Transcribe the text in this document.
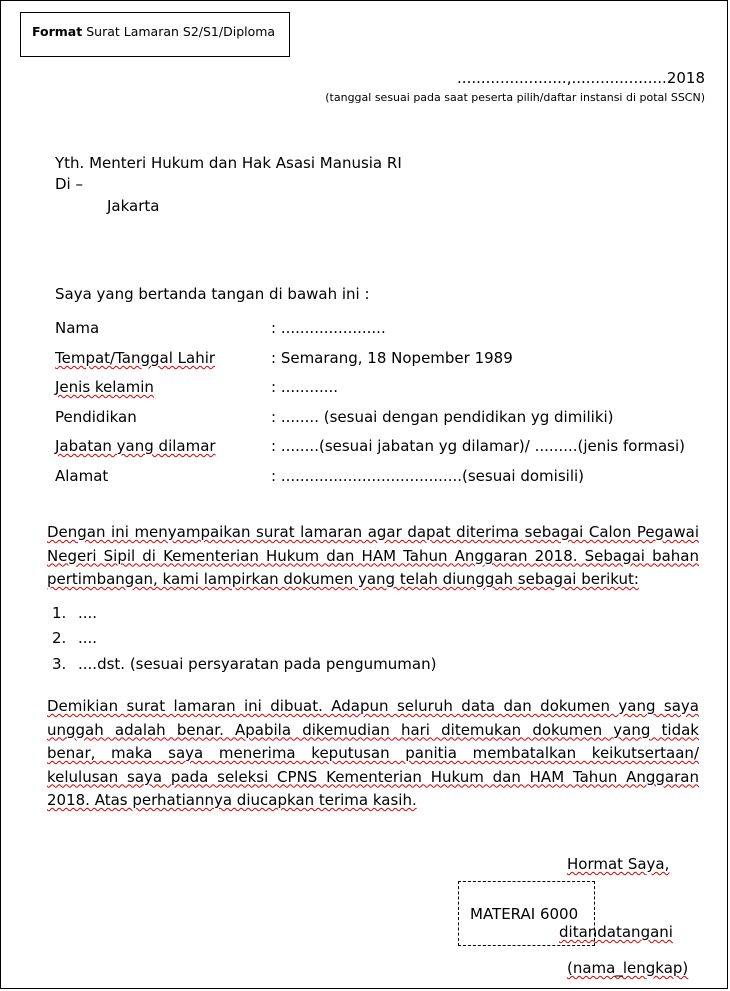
Format Surat Lamaran S2/S1/Diploma
.......................,....................2018
(tanggal sesuai pada saat peserta pilih/daftar instansi di potal SSCN)
Yth. Menteri Hukum dan Hak Asasi Manusia RI
Di –
Jakarta
Saya yang bertanda tangan di bawah ini :
Nama	: ......................
Tempat/Tanggal Lahir	: Semarang, 18 Nopember 1989
Jenis kelamin	: ............
Pendidikan	: ........ (sesuai dengan pendidikan yg dimiliki)
Jabatan yang dilamar	: ........(sesuai jabatan yg dilamar)/ .........(jenis formasi)
Alamat	: ......................................(sesuai domisili)
Dengan ini menyampaikan surat lamaran agar dapat diterima sebagai Calon Pegawai
Negeri Sipil di Kementerian Hukum dan HAM Tahun Anggaran 2018. Sebagai bahan
pertimbangan, kami lampirkan dokumen yang telah diunggah sebagai berikut:
1. ....
2. ....
3. ....dst. (sesuai persyaratan pada pengumuman)
Demikian surat lamaran ini dibuat. Adapun seluruh data dan dokumen yang saya
unggah adalah benar. Apabila dikemudian hari ditemukan dokumen yang tidak
benar, maka saya menerima keputusan panitia membatalkan keikutsertaan/
kelulusan saya pada seleksi CPNS Kementerian Hukum dan HAM Tahun Anggaran
2018. Atas perhatiannya diucapkan terima kasih.
Hormat Saya,
MATERAI 6000
ditandatangani
(nama_lengkap)
